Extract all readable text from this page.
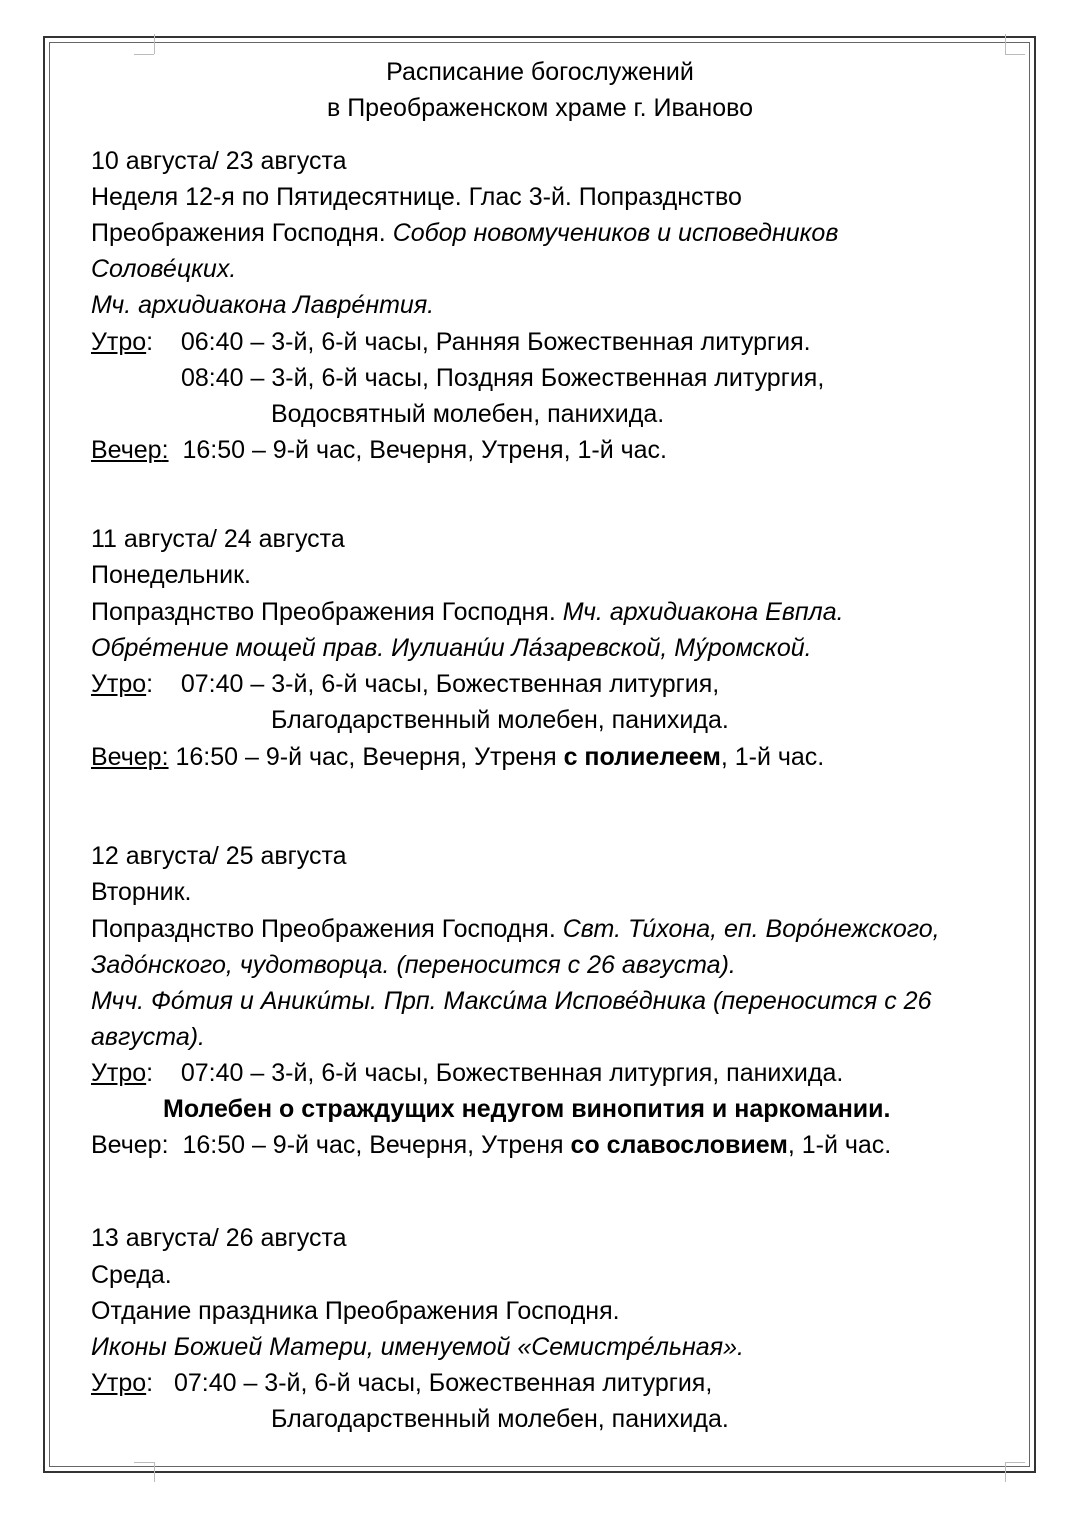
Расписание богослужений
в Преображенском храме г. Иваново
10 августа/ 23 августа
Неделя 12-я по Пятидесятнице. Глас 3-й. Попразднство
Преображения Господня. Собор новомучеников и исповедников
Солове́цких.
Мч. архидиакона Лавре́нтия.
Утро:    06:40 – 3-й, 6-й часы, Ранняя Божественная литургия.
08:40 – 3-й, 6-й часы, Поздняя Божественная литургия,
Водосвятный молебен, панихида.
Вечер: 16:50 – 9-й час, Вечерня, Утреня, 1-й час.
11 августа/ 24 августа
Понедельник.
Попразднство Преображения Господня. Мч. архидиакона Евпла.
Обре́тение мощей прав. Иулиани́и Ла́заревской, Му́ромской.
Утро:    07:40 – 3-й, 6-й часы, Божественная литургия,
Благодарственный молебен, панихида.
Вечер: 16:50 – 9-й час, Вечерня, Утреня с полиелеем, 1-й час.
12 августа/ 25 августа
Вторник.
Попразднство Преображения Господня. Свт. Ти́хона, еп. Воро́нежского,
Задо́нского, чудотворца. (переносится с 26 августа).
Мчч. Фо́тия и Аники́ты. Прп. Макси́ма Испове́дника (переносится с 26
августа).
Утро:    07:40 – 3-й, 6-й часы, Божественная литургия, панихида.
Молебен о страждущих недугом винопития и наркомании.
Вечер: 16:50 – 9-й час, Вечерня, Утреня со славословием, 1-й час.
13 августа/ 26 августа
Среда.
Отдание праздника Преображения Господня.
Иконы Божией Матери, именуемой «Семистре́льная».
Утро:   07:40 – 3-й, 6-й часы, Божественная литургия,
Благодарственный молебен, панихида.
